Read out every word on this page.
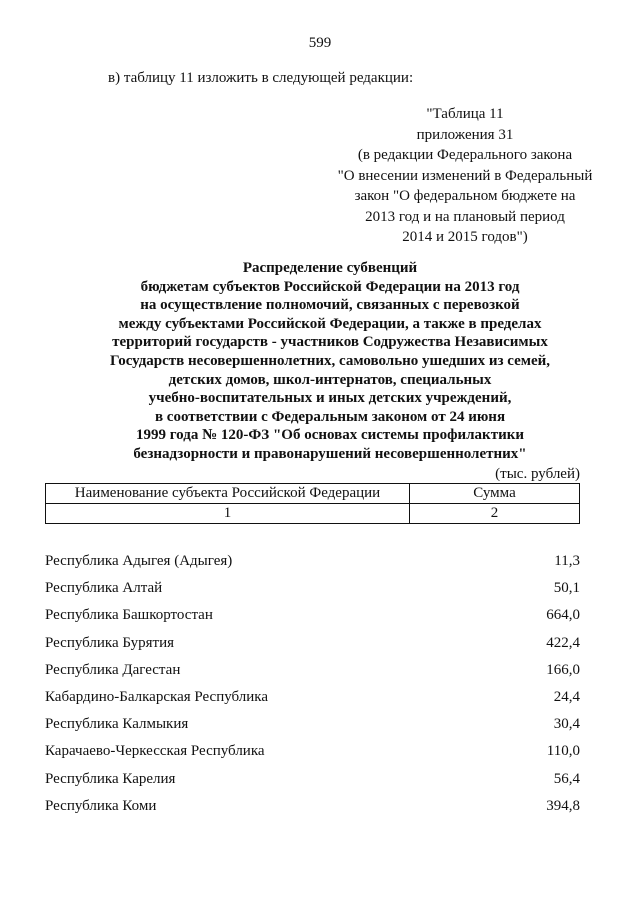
599
в) таблицу 11 изложить в следующей редакции:
"Таблица 11
приложения 31
(в редакции Федерального закона
"О внесении изменений в Федеральный
закон "О федеральном бюджете на
2013 год и на плановый период
2014 и 2015 годов")
Распределение субвенций
бюджетам субъектов Российской Федерации на 2013 год
на осуществление полномочий, связанных с перевозкой
между субъектами Российской Федерации, а также в пределах
территорий государств - участников Содружества Независимых
Государств несовершеннолетних, самовольно ушедших из семей,
детских домов, школ-интернатов, специальных
учебно-воспитательных и иных детских учреждений,
в соответствии с Федеральным законом от 24 июня
1999 года № 120-ФЗ "Об основах системы профилактики
безнадзорности и правонарушений несовершеннолетних"
(тыс. рублей)
Наименование субъекта Российской Федерации	Сумма
1	2
Республика Адыгея (Адыгея)	11,3
Республика Алтай	50,1
Республика Башкортостан	664,0
Республика Бурятия	422,4
Республика Дагестан	166,0
Кабардино-Балкарская Республика	24,4
Республика Калмыкия	30,4
Карачаево-Черкесская Республика	110,0
Республика Карелия	56,4
Республика Коми	394,8
